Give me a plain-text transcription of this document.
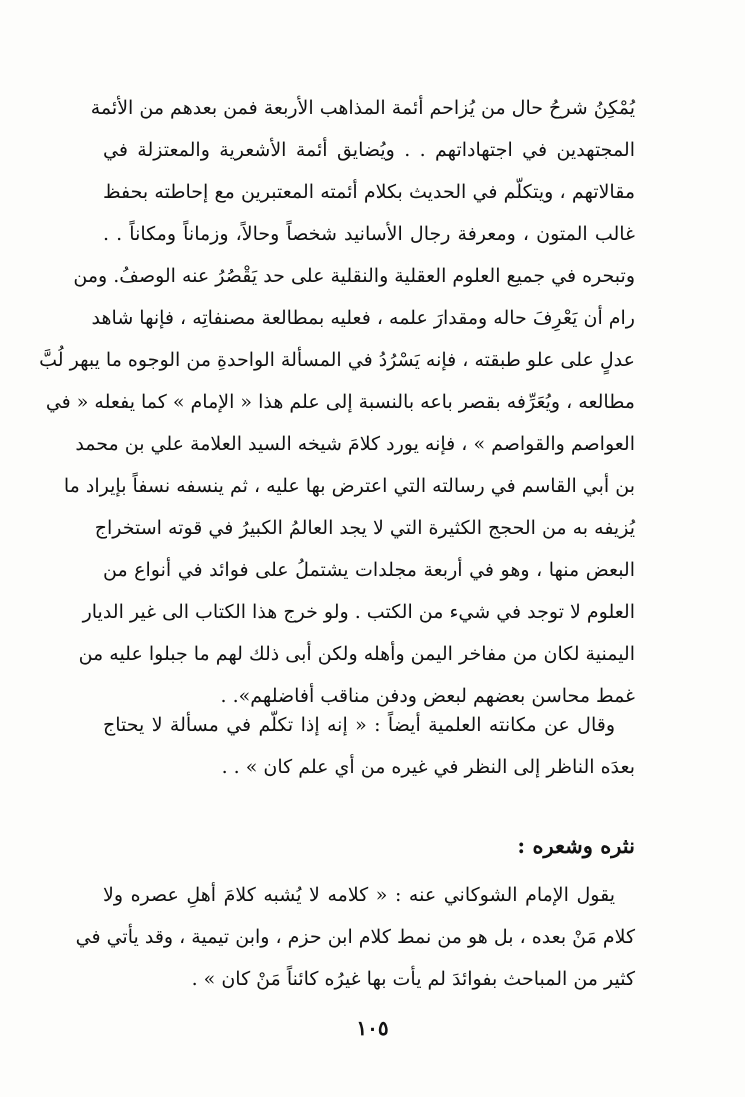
يُمْكِنُ شرحُ حال من يُزاحم أئمة المذاهب الأربعة فمن بعدهم من الأئمة
المجتهدين في اجتهاداتهم . . ويُضايق أئمة الأشعرية والمعتزلة في
مقالاتهم ، ويتكلّم في الحديث بكلام أئمته المعتبرين مع إحاطته بحفظ
غالب المتون ، ومعرفة رجال الأسانيد شخصاً وحالاً، وزماناً ومكاناً . .
وتبحره في جميع العلوم العقلية والنقلية على حد يَقْصُرُ عنه الوصفُ. ومن
رام أن يَعْرِفَ حاله ومقدارَ علمه ، فعليه بمطالعة مصنفاتِه ، فإنها شاهد
عدلٍ على علو طبقته ، فإنه يَسْرُدُ في المسألة الواحدةِ من الوجوه ما يبهر لُبَّ
مطالعه ، ويُعَرِّفه بقصر باعه بالنسبة إلى علم هذا « الإمام » كما يفعله « في
العواصم والقواصم » ، فإنه يورد كلامَ شيخه السيد العلامة علي بن محمد
بن أبي القاسم في رسالته التي اعترض بها عليه ، ثم ينسفه نسفاً بإيراد ما
يُزيفه به من الحجج الكثيرة التي لا يجد العالمُ الكبيرُ في قوته استخراج
البعض منها ، وهو في أربعة مجلدات يشتملُ على فوائد في أنواع من
العلوم لا توجد في شيء من الكتب . ولو خرج هذا الكتاب الى غير الديار
اليمنية لكان من مفاخر اليمن وأهله ولكن أبى ذلك لهم ما جبلوا عليه من
غمط محاسن بعضهم لبعض ودفن مناقب أفاضلهم». .
وقال عن مكانته العلمية أيضاً : « إنه إذا تكلّم في مسألة لا يحتاج
بعدَه الناظر إلى النظر في غيره من أي علم كان » . .
نثره وشعره :
يقول الإمام الشوكاني عنه : « كلامه لا يُشبه كلامَ أهلِ عصره ولا
كلام مَنْ بعده ، بل هو من نمط كلام ابن حزم ، وابن تيمية ، وقد يأتي في
كثير من المباحث بفوائدَ لم يأت بها غيرُه كائناً مَنْ كان » .
١٠٥
